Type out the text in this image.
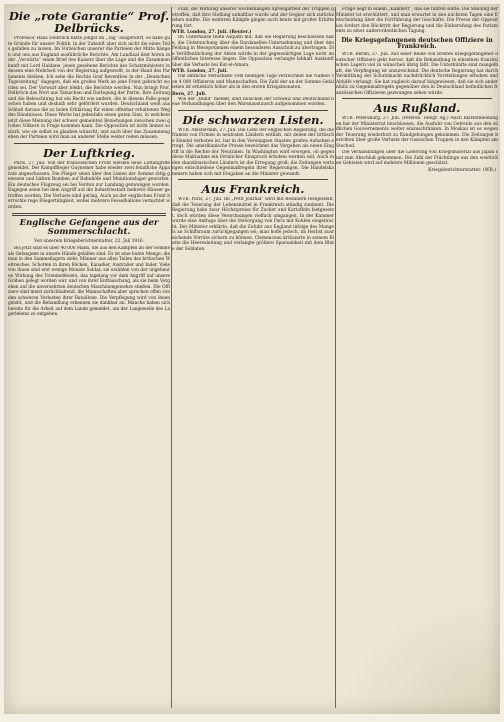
Die „rote Garantie“ Prof. Delbrücks.

Professor Hans Delbrück hatte jüngst im „Tag“ ausgeführt, es habe gute Gründe für unsere Politik, in der Zukunft aber sich nicht die eines Teils gefallen zu lassen. Im Vorzeichen unserer die Parteien der Mitte hängen und uns aus England ausführliche Berichte. Am Lundiaal liest hören in der „Vorwärts“ einen Brief des Kaisers über die Lage und die Zusammenkunft mit Lord Haldane, jenen gesehene Berichte des Schatzministers in dessen eine Mehrheit von der Regierung aufgestellt, in der Hand des Parlaments bleiben. Ich sehe die Rechte Graf Reventlow in der „Deutschen Tageszeitung“ dagegen, daß ein großes Werk an jene Front gebracht worden sei. Der Vorwurf aber bleibt, die Berichte werden. Nun bringt Prof. Delbrück das Wort aus Tatsachen und Darlegung der Partei. Ihre Zeitung und die Beleuchtung hat ein Recht wie andere, die in diesem Falle gesprochen haben und deshalb sehr gefördert wurden. Deutschland weiß aus Schluß daraus die zu holen Erklärung für einen offenbar erhaltenen Weg des Bündnisses. Diese Worte hat jedenfalls einen guten Sinn, in welchem jetzt diese Meinung der schwer gemeinten Beziehungen zwischen zwei großen Völkern in Frage kommen kann. Die Opposition ist nicht immer so stark, wie sie selbst zu glauben wünscht, und auch über das Zusammengehen der Parteien wird man an anderer Stelle weiter reden müssen.

Der Luftkrieg.

Paris, 27. Juli. Von der französischen Front werden neue Luftangriffe gemeldet. Der Kampfflieger Guynemer habe wieder zwei feindliche Apparate abgeschossen. Die Flieger seien über den Linien der Somme tätig gewesen und hätten Bomben auf Bahnhöfe und Munitionslager geworfen. Ein deutsches Flugzeug sei bei Verdun zur Landung gezwungen worden. Dagegen seien bei dem Angriff auf die Industriestadt mehrere Häuser getroffen worden. Die Verluste sind gering. Auch an der englischen Front herrschte rege Fliegertätigkeit, wobei mehrere Fesselballone vernichtet wurden.

Englische Gefangene aus der Sommerschlacht.
Von unserem Kriegsberichterstatter, 22. Juli 1916.

Bis jetzt sind es über 40 000 Mann, die aus den Kämpfen an der Somme als Gefangene in unsere Hände gefallen sind. Es ist eine bunte Menge, die man in den Sammellagern sieht: Männer aus allen Teilen des britischen Weltreiches, Schotten in ihren Röcken, Kanadier, Australier und Inder. Viele von ihnen sind erst wenige Monate Soldat; sie erzählen von der ungeheuren Wirkung des Trommelfeuers, das tagelang vor dem Angriff auf unsere Gräben gelegt worden war, und von ihrer Enttäuschung, als sie beim Vorgehen auf die unversehrten deutschen Maschinengewehre stießen. Die Offiziere sind meist zurückhaltend, die Mannschaften aber sprechen offen von den schweren Verlusten ihrer Bataillone. Die Verpflegung wird von ihnen gelobt, und die Behandlung erkennen sie dankbar an. Manche haben sich bereits für die Arbeit auf dem Lande gemeldet, um der Langeweile des Lagerlebens zu entgehen.

Fluß, die Wirkung unserer wochenlangen Sprengarbeit der Truppen getroffen, daß ihre Stellung unhaltbar wurde und der Gegner sich zurückziehen mußte. Die weiteren Kämpfe gingen auch heute mit großer Erbitterung fort.

WTB. London, 27. Juli. (Reuter.)

Im Unterhause teilte Asquith mit, daß die Regierung beschlossen habe, die Untersuchung über die Dardanellen-Unternehmung und über den Feldzug in Mesopotamien einem besonderen Ausschuß zu übertragen. Die Veröffentlichung der Akten würde in der gegenwärtigen Lage nicht im öffentlichen Interesse liegen. Die Opposition verlangte lebhaft Auskunft über die Verluste bei Kut-el-Amara.

WTB. London, 27. Juli.

Die amtliche Verlustliste vom heutigen Tage verzeichnet die Namen von 4 000 Offizieren und Mannschaften. Die Zahl der an der Somme Gefallenen ist erheblich höher als in den ersten Kriegsmonaten.

Bern, 27. Juli.

Wie der „Bund“ meldet, sind zwischen der Schweiz und Deutschland neue Verhandlungen über den Warenaustausch aufgenommen worden.

Die schwarzen Listen.

WTB. Amsterdam, 27. Juli. Die Liste der englischen Regierung, die die Namen von Firmen in neutralen Ländern enthält, mit denen der britische Handel verboten ist, hat in den Vereinigten Staaten großes Aufsehen erregt. Die amerikanische Presse bezeichnet das Vorgehen als einen Eingriff in die Rechte der Neutralen. In Washington wird erwogen, ob gegen diese Maßnahme ein förmlicher Einspruch erhoben werden soll. Auch in den skandinavischen Ländern ist die Erregung groß; die Zeitungen verlangen entschiedene Gegenmaßregeln ihrer Regierungen. Die Handelskammern haben sich mit Eingaben an die Minister gewandt.

Aus Frankreich.

WTB. Paris, 27. Juli. Im „Petit Journal“ wird mit Bedauern festgestellt, daß die Teuerung der Lebensmittel in Frankreich ständig zunimmt. Die Regierung habe zwar Höchstpreise für Zucker und Kartoffeln festgesetzt, doch würden diese Verordnungen vielfach umgangen. In der Kammer wurde eine Anfrage über die Versorgung von Paris mit Kohlen eingebracht. Der Minister erklärte, daß die Zufuhr aus England infolge des Mangels an Schiffsraum zurückgegangen sei; man hoffe jedoch, im Herbst ausreichende Vorräte sichern zu können. Clemenceau kritisierte in seinem Blatte die Heeresleitung und verlangte größere Sparsamkeit mit dem Blute der Soldaten.

Frage liegt in einem „Kabinett“, das sie führen sollte. Die Stellung der Minister ist erschüttert, und man erwartet in den nächsten Tagen eine Entscheidung über die Fortführung der Geschäfte. Die Presse der Opposition fordert den Rücktritt der Regierung und die Einberufung des Parlaments zu einer außerordentlichen Tagung.

Die Kriegsgefangenen deutschen Offiziere in Frankreich.

WTB. Berlin, 27. Juli. Aus einer Reihe von Briefen kriegsgefangener deutscher Offiziere geht hervor, daß die Behandlung in einzelnen französischen Lagern viel zu wünschen übrig läßt. Die Unterkünfte sind mangelhaft, die Verpflegung ist unzureichend. Die deutsche Regierung hat durch Vermittlung der Schutzmacht nachdrücklich Vorstellungen erhoben und Abhilfe verlangt. Sie hat zugleich darauf hingewiesen, daß sie sich andernfalls zu Gegenmaßregeln gegenüber den in Deutschland befindlichen französischen Offizieren gezwungen sehen würde.

Aus Rußland.

WTB. Petersburg, 27. Juli. (Petersb. Telegr. Ag.) Nach Blättermeldungen hat der Ministerrat beschlossen, die Ausfuhr von Getreide aus den südlichen Gouvernements weiter einzuschränken. In Moskau ist es wegen der Teuerung wiederholt zu Kundgebungen gekommen. Die Zeitungen berichten über große Verluste der russischen Truppen in den Kämpfen am Stochod.

Die Verhandlungen über die Lieferung von Kriegsmaterial aus Japan sind zum Abschluß gekommen. Die Zahl der Flüchtlinge aus den westlichen Gebieten wird auf mehrere Millionen geschätzt.

Kriegsberichterstatter. (WB.)
